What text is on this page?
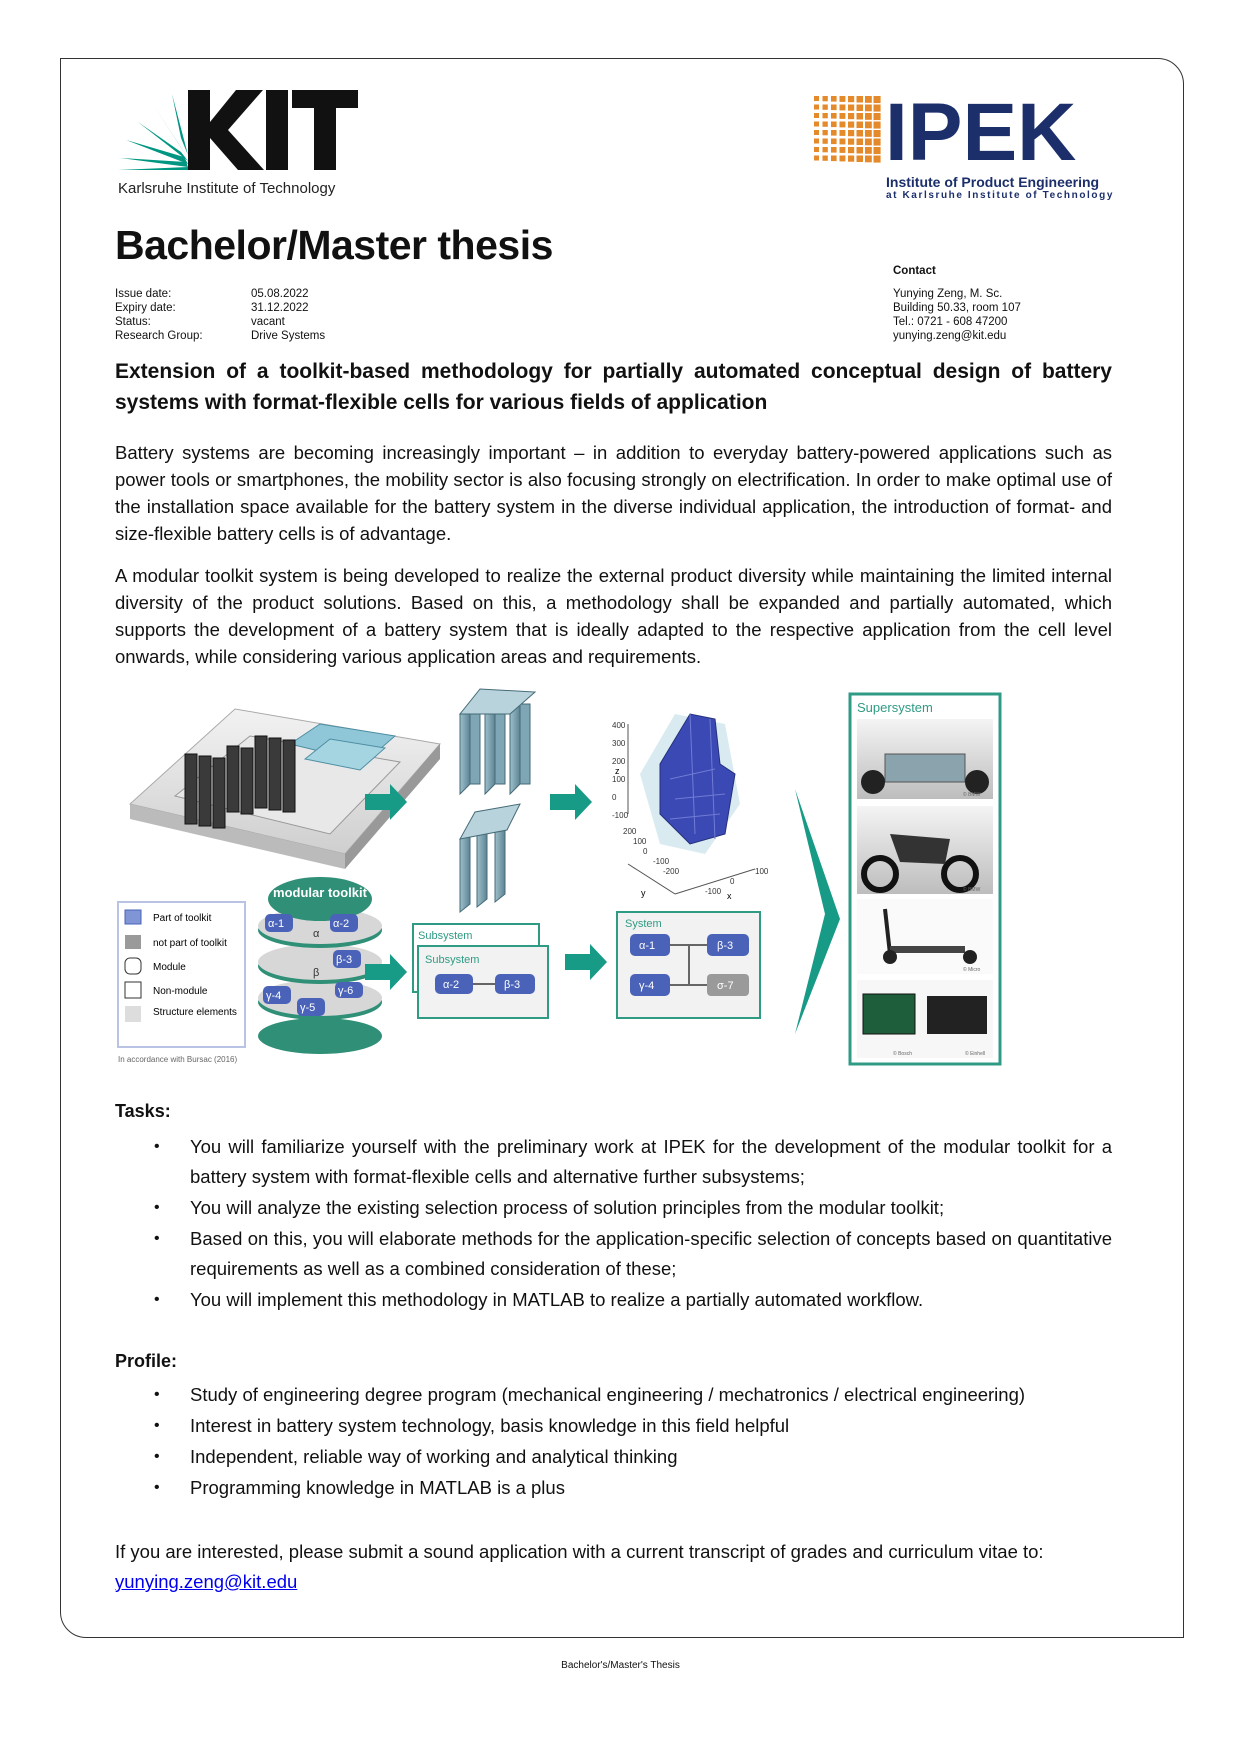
Karlsruhe Institute of Technology
IPEK
Institute of Product Engineering
at Karlsruhe Institute of Technology
Bachelor/Master thesis
Issue date:	05.08.2022
Expiry date:	31.12.2022
Status:	vacant
Research Group:	Drive Systems
Contact
Yunying Zeng, M. Sc.
Building 50.33, room 107
Tel.: 0721 - 608 47200
yunying.zeng@kit.edu
Extension of a toolkit-based methodology for partially automated conceptual design of battery systems with format-flexible cells for various fields of application
Battery systems are becoming increasingly important – in addition to everyday battery-powered applications such as power tools or smartphones, the mobility sector is also focusing strongly on electrification. In order to make optimal use of the installation space available for the battery system in the diverse individual application, the introduction of format- and size-flexible battery cells is of advantage.
A modular toolkit system is being developed to realize the external product diversity while maintaining the limited internal diversity of the product solutions. Based on this, a methodology shall be expanded and partially automated, which supports the development of a battery system that is ideally adapted to the respective application from the cell level onwards, while considering various application areas and requirements.
400
300
200
100
0
-100
200
100
0
-100
-200
-100
0
100
z
y	x
Supersystem
© BMW
© BMW
© Micro
© Bosch	© Einhell
Part of toolkit
not part of toolkit
Module
Non-module
Structure elements
In accordance with Bursac (2016)
modular toolkit
α-1	α-2
β-3
γ-4
γ-5
γ-6
α
β
Subsystem
Subsystem
α-2	β-3
System
α-1	β-3
γ-4	σ-7
Tasks:
• You will familiarize yourself with the preliminary work at IPEK for the development of the modular toolkit for a battery system with format-flexible cells and alternative further subsystems;
• You will analyze the existing selection process of solution principles from the modular toolkit;
• Based on this, you will elaborate methods for the application-specific selection of concepts based on quantitative requirements as well as a combined consideration of these;
• You will implement this methodology in MATLAB to realize a partially automated workflow.
Profile:
• Study of engineering degree program (mechanical engineering / mechatronics / electrical engineering)
• Interest in battery system technology, basis knowledge in this field helpful
• Independent, reliable way of working and analytical thinking
• Programming knowledge in MATLAB is a plus
If you are interested, please submit a sound application with a current transcript of grades and curriculum vitae to: yunying.zeng@kit.edu
Bachelor's/Master's Thesis
